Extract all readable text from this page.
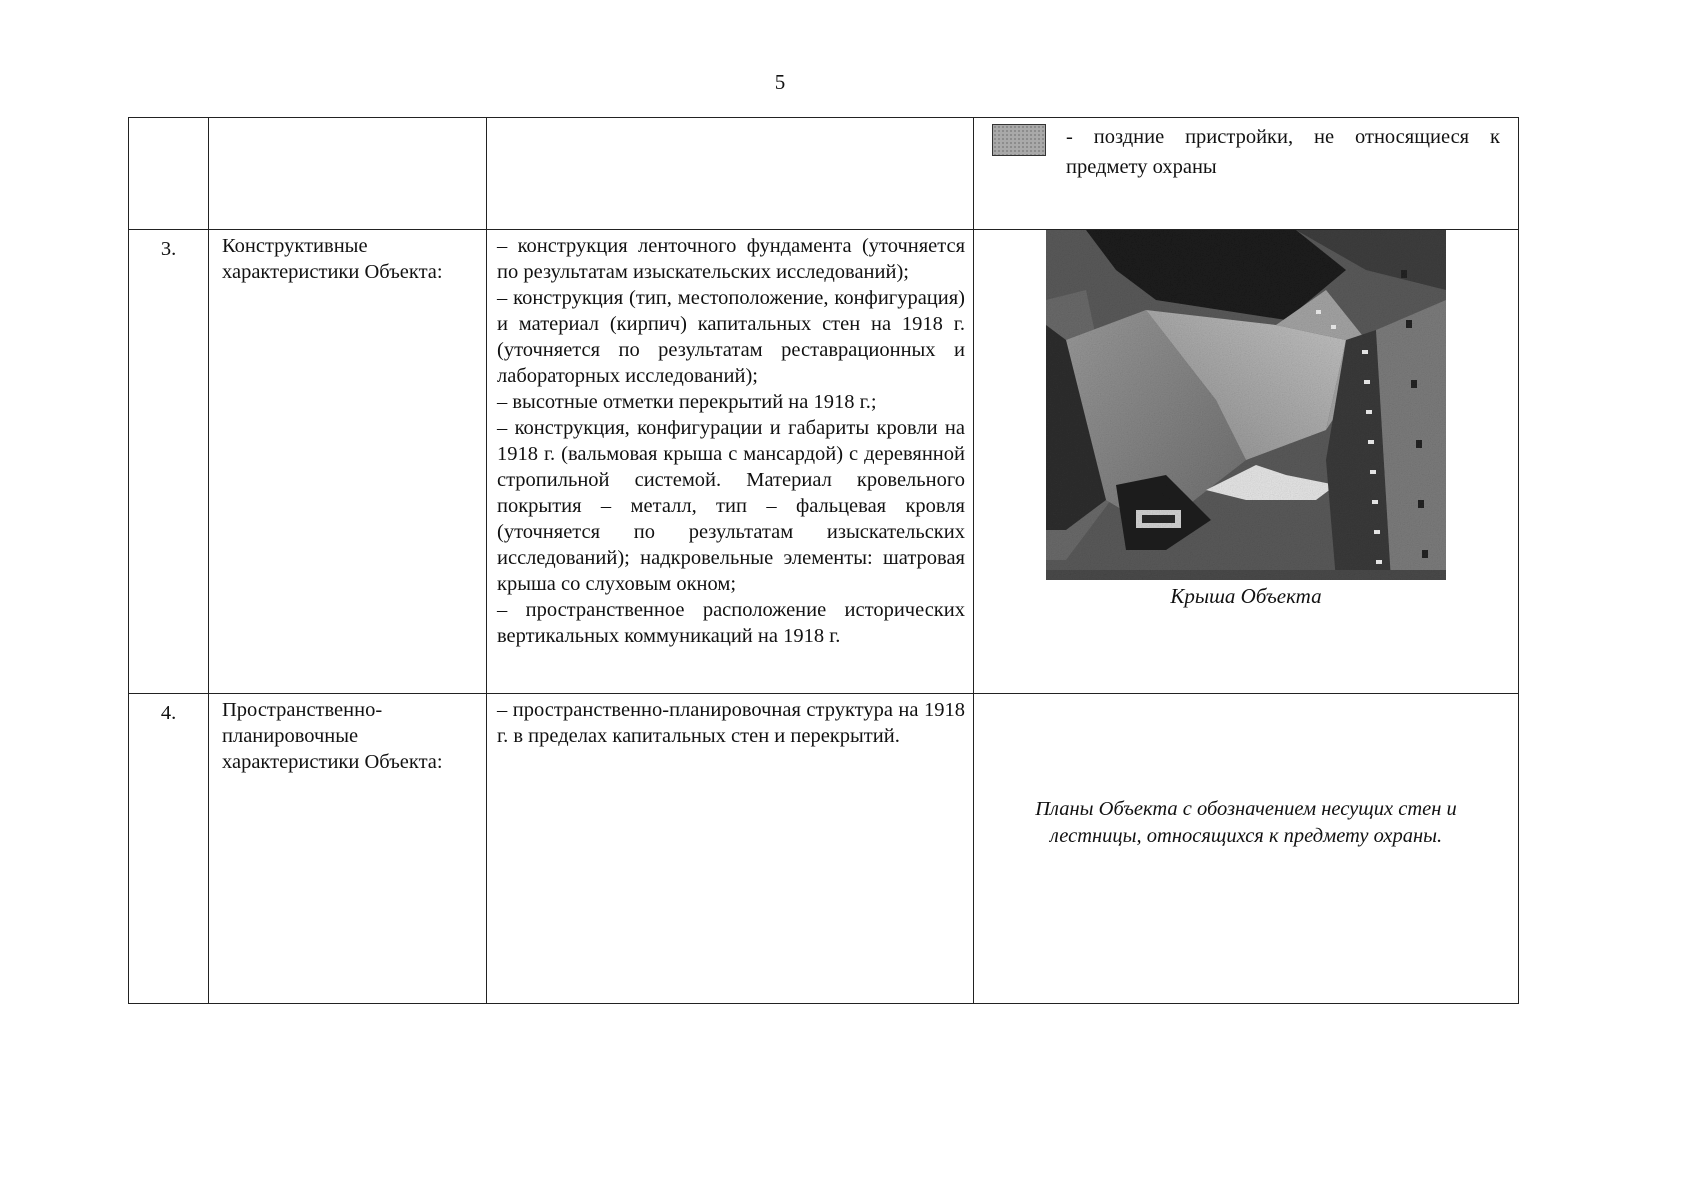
5

			- поздние пристройки, не относящиеся к предмету охраны

3.	Конструктивные характеристики Объекта:	– конструкция ленточного фундамента (уточняется по результатам изыскательских исследований);

– конструкция (тип, местоположение, конфигурация) и материал (кирпич) капитальных стен на 1918 г. (уточняется по результатам реставрационных и лабораторных исследований);

– высотные отметки перекрытий на 1918 г.;

– конструкция, конфигурации и габариты кровли на 1918 г. (вальмовая крыша с мансардой) с деревянной стропильной системой. Материал кровельного покрытия – металл, тип – фальцевая кровля (уточняется по результатам изыскательских исследований); надкровельные элементы: шатровая крыша со слуховым окном;

– пространственное расположение исторических вертикальных коммуникаций на 1918 г.	Крыша Объекта

4.	Пространственно-планировочные характеристики Объекта:	– пространственно-планировочная структура на 1918 г. в пределах капитальных стен и перекрытий.	Планы Объекта с обозначением несущих стен и лестницы, относящихся к предмету охраны.
